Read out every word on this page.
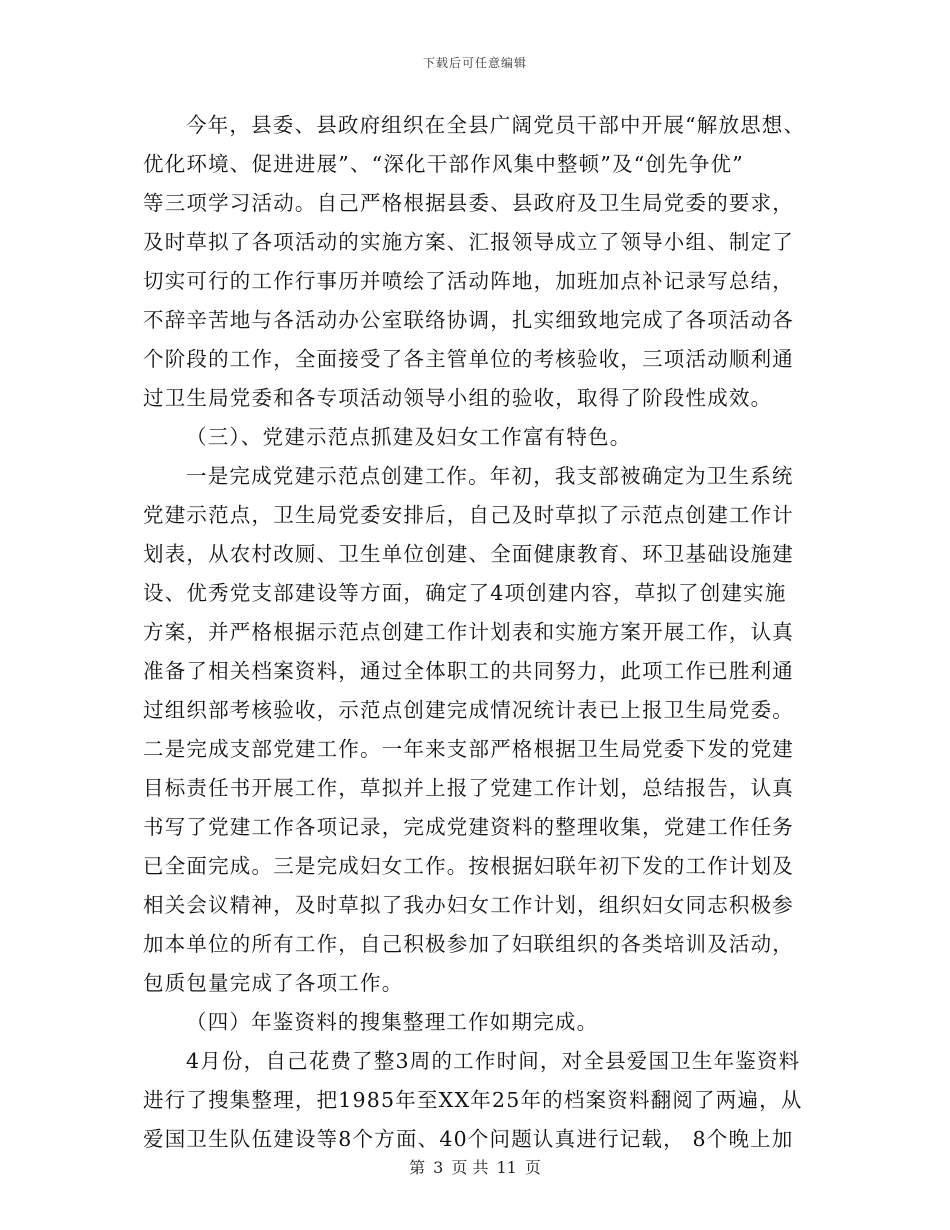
下载后可任意编辑
今年，县委、县政府组织在全县广阔党员干部中开展“解放思想、
优化环境、促进进展”、“深化干部作风集中整顿”及“创先争优”
等三项学习活动。自己严格根据县委、县政府及卫生局党委的要求，
及时草拟了各项活动的实施方案、汇报领导成立了领导小组、制定了
切实可行的工作行事历并喷绘了活动阵地，加班加点补记录写总结，
不辞辛苦地与各活动办公室联络协调，扎实细致地完成了各项活动各
个阶段的工作，全面接受了各主管单位的考核验收，三项活动顺利通
过卫生局党委和各专项活动领导小组的验收，取得了阶段性成效。
（三）、党建示范点抓建及妇女工作富有特色。
一是完成党建示范点创建工作。年初，我支部被确定为卫生系统
党建示范点，卫生局党委安排后，自己及时草拟了示范点创建工作计
划表，从农村改厕、卫生单位创建、全面健康教育、环卫基础设施建
设、优秀党支部建设等方面，确定了4项创建内容，草拟了创建实施
方案，并严格根据示范点创建工作计划表和实施方案开展工作，认真
准备了相关档案资料，通过全体职工的共同努力，此项工作已胜利通
过组织部考核验收，示范点创建完成情况统计表已上报卫生局党委。
二是完成支部党建工作。一年来支部严格根据卫生局党委下发的党建
目标责任书开展工作，草拟并上报了党建工作计划，总结报告，认真
书写了党建工作各项记录，完成党建资料的整理收集，党建工作任务
已全面完成。三是完成妇女工作。按根据妇联年初下发的工作计划及
相关会议精神，及时草拟了我办妇女工作计划，组织妇女同志积极参
加本单位的所有工作，自己积极参加了妇联组织的各类培训及活动，
包质包量完成了各项工作。
（四）年鉴资料的搜集整理工作如期完成。
4月份，自己花费了整3周的工作时间，对全县爱国卫生年鉴资料
进行了搜集整理，把1985年至XX年25年的档案资料翻阅了两遍，从
爱国卫生队伍建设等8个方面、40个问题认真进行记载， 8个晚上加
第 3 页 共 11 页
